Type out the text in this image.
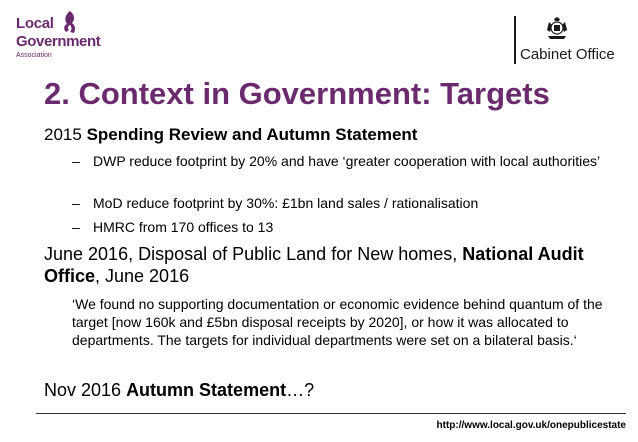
Local
Government
Association	Cabinet Office
2. Context in Government: Targets
2015 Spending Review and Autumn Statement
– DWP reduce footprint by 20% and have ‘greater cooperation with local authorities’
– MoD reduce footprint by 30%: £1bn land sales / rationalisation
– HMRC from 170 offices to 13
June 2016, Disposal of Public Land for New homes, National Audit Office, June 2016
‘We found no supporting documentation or economic evidence behind quantum of the target [now 160k and £5bn disposal receipts by 2020], or how it was allocated to departments. The targets for individual departments were set on a bilateral basis.‘
Nov 2016 Autumn Statement…?
http://www.local.gov.uk/onepublicestate
